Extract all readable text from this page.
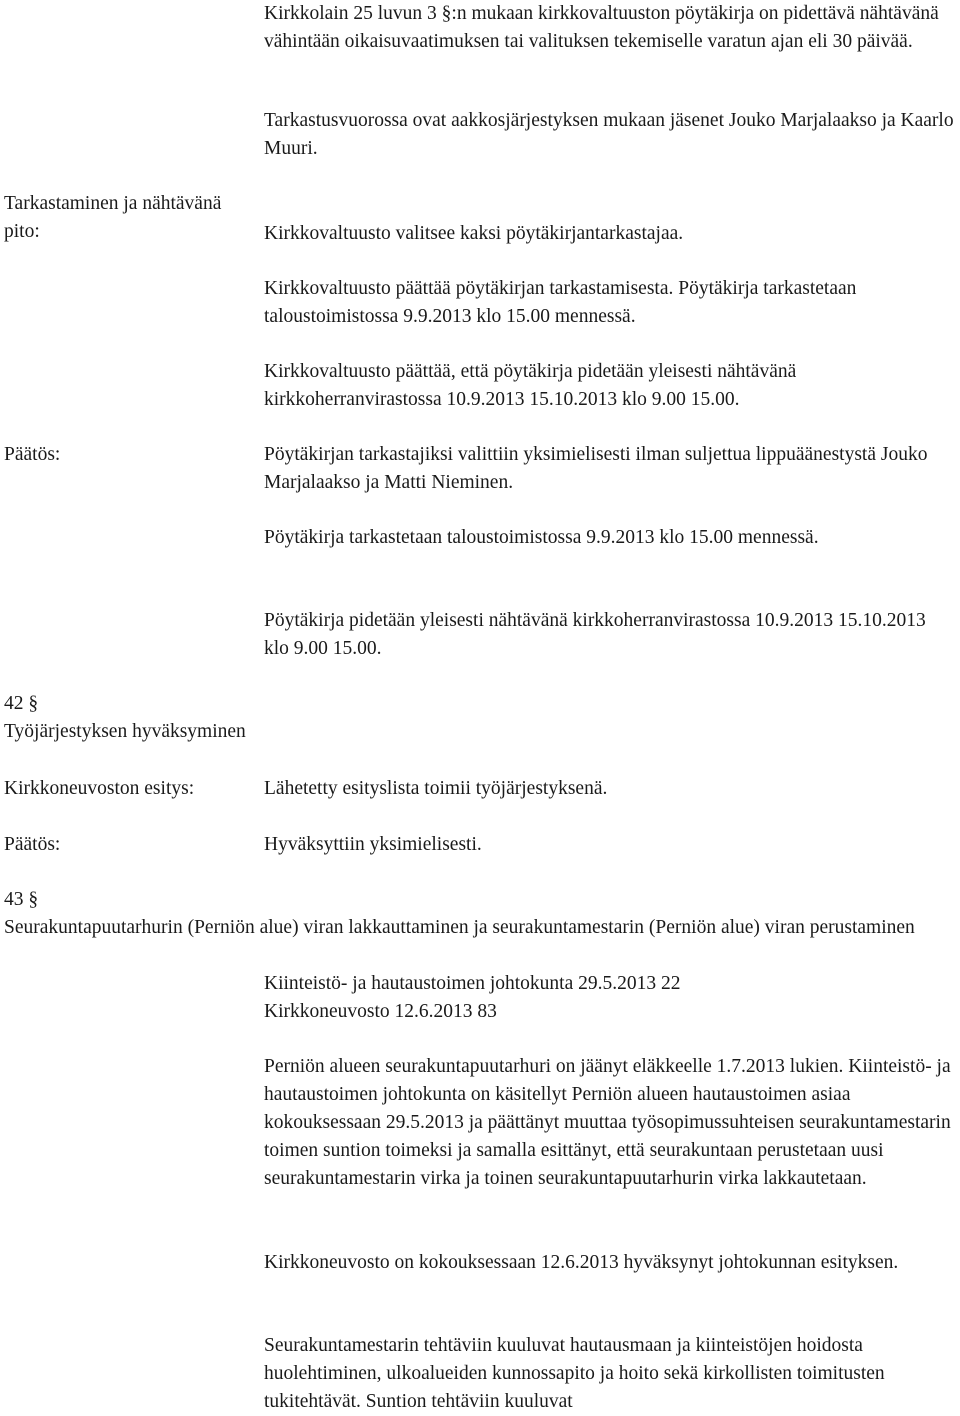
Kirkkolain 25 luvun 3 §:n mukaan kirkkovaltuuston pöytäkirja on pidettävä nähtävänä vähintään oikaisuvaatimuksen tai valituksen tekemiselle varatun ajan eli 30 päivää.

Tarkastusvuorossa ovat aakkosjärjestyksen mukaan jäsenet Jouko Marjalaakso ja Kaarlo Muuri.

Tarkastaminen ja nähtävänä pito:	Kirkkovaltuusto valitsee kaksi pöytäkirjantarkastajaa.

Kirkkovaltuusto päättää pöytäkirjan tarkastamisesta. Pöytäkirja tarkastetaan taloustoimistossa 9.9.2013 klo 15.00 mennessä.

Kirkkovaltuusto päättää, että pöytäkirja pidetään yleisesti nähtävänä kirkkoherranvirastossa 10.9.2013 15.10.2013 klo 9.00 15.00.

Päätös:	Pöytäkirjan tarkastajiksi valittiin yksimielisesti ilman suljettua lippuäänestystä Jouko Marjalaakso ja Matti Nieminen.

Pöytäkirja tarkastetaan taloustoimistossa 9.9.2013 klo 15.00 mennessä.

Pöytäkirja pidetään yleisesti nähtävänä kirkkoherranvirastossa 10.9.2013 15.10.2013 klo 9.00 15.00.

42 §
Työjärjestyksen hyväksyminen

Kirkkoneuvoston esitys:	Lähetetty esityslista toimii työjärjestyksenä.

Päätös:	Hyväksyttiin yksimielisesti.

43 §
Seurakuntapuutarhurin (Perniön alue) viran lakkauttaminen ja seurakuntamestarin (Perniön alue) viran perustaminen
Kiinteistö- ja hautaustoimen johtokunta 29.5.2013 22
Kirkkoneuvosto 12.6.2013 83

Perniön alueen seurakuntapuutarhuri on jäänyt eläkkeelle 1.7.2013 lukien. Kiinteistö- ja hautaustoimen johtokunta on käsitellyt Perniön alueen hautaustoimen asiaa kokouksessaan 29.5.2013 ja päättänyt muuttaa työsopimussuhteisen seurakuntamestarin toimen suntion toimeksi ja samalla esittänyt, että seurakuntaan perustetaan uusi seurakuntamestarin virka ja toinen seurakuntapuutarhurin virka lakkautetaan.

Kirkkoneuvosto on kokouksessaan 12.6.2013 hyväksynyt johtokunnan esityksen.

Seurakuntamestarin tehtäviin kuuluvat hautausmaan ja kiinteistöjen hoidosta huolehtiminen, ulkoalueiden kunnossapito ja hoito sekä kirkollisten toimitusten tukitehtävät. Suntion tehtäviin kuuluvat
